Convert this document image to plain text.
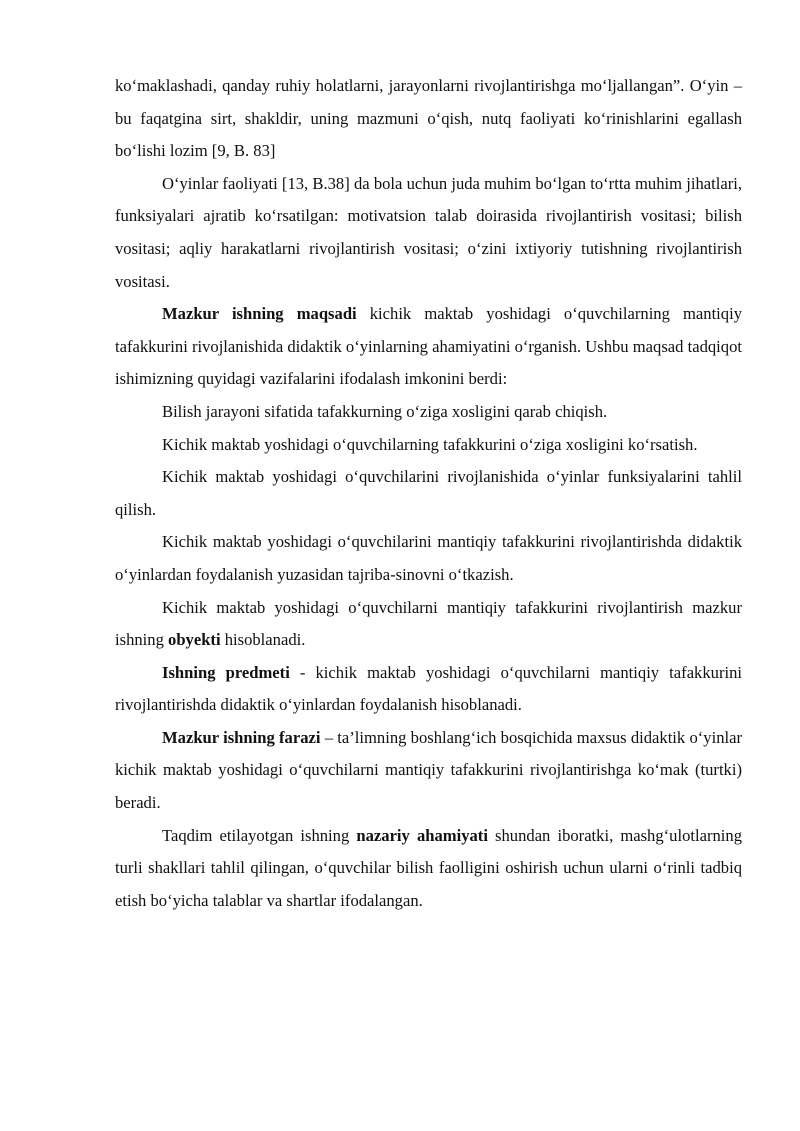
ko‘maklashadi, qanday ruhiy holatlarni, jarayonlarni rivojlantirishga mo‘ljallangan”. O‘yin – bu faqatgina sirt, shakldir, uning mazmuni o‘qish, nutq faoliyati ko‘rinishlarini egallash bo‘lishi lozim [9, B. 83]

O‘yinlar faoliyati [13, B.38] da bola uchun juda muhim bo‘lgan to‘rtta muhim jihatlari, funksiyalari ajratib ko‘rsatilgan: motivatsion talab doirasida rivojlantirish vositasi; bilish vositasi; aqliy harakatlarni rivojlantirish vositasi; o‘zini ixtiyoriy tutishning rivojlantirish vositasi.

Mazkur ishning maqsadi kichik maktab yoshidagi o‘quvchilarning mantiqiy tafakkurini rivojlanishida didaktik o‘yinlarning ahamiyatini o‘rganish. Ushbu maqsad tadqiqot ishimizning quyidagi vazifalarini ifodalash imkonini berdi:

Bilish jarayoni sifatida tafakkurning o‘ziga xosligini qarab chiqish.

Kichik maktab yoshidagi o‘quvchilarning tafakkurini o‘ziga xosligini ko‘rsatish.

Kichik maktab yoshidagi o‘quvchilarini rivojlanishida o‘yinlar funksiyalarini tahlil qilish.

Kichik maktab yoshidagi o‘quvchilarini mantiqiy tafakkurini rivojlantirishda didaktik o‘yinlardan foydalanish yuzasidan tajriba-sinovni o‘tkazish.

Kichik maktab yoshidagi o‘quvchilarni mantiqiy tafakkurini rivojlantirish mazkur ishning obyekti hisoblanadi.

Ishning predmeti - kichik maktab yoshidagi o‘quvchilarni mantiqiy tafakkurini rivojlantirishda didaktik o‘yinlardan foydalanish hisoblanadi.

Mazkur ishning farazi – ta’limning boshlang‘ich bosqichida maxsus didaktik o‘yinlar kichik maktab yoshidagi o‘quvchilarni mantiqiy tafakkurini rivojlantirishga ko‘mak (turtki) beradi.

Taqdim etilayotgan ishning nazariy ahamiyati shundan iboratki, mashg‘ulotlarning turli shakllari tahlil qilingan, o‘quvchilar bilish faolligini oshirish uchun ularni o‘rinli tadbiq etish bo‘yicha talablar va shartlar ifodalangan.
